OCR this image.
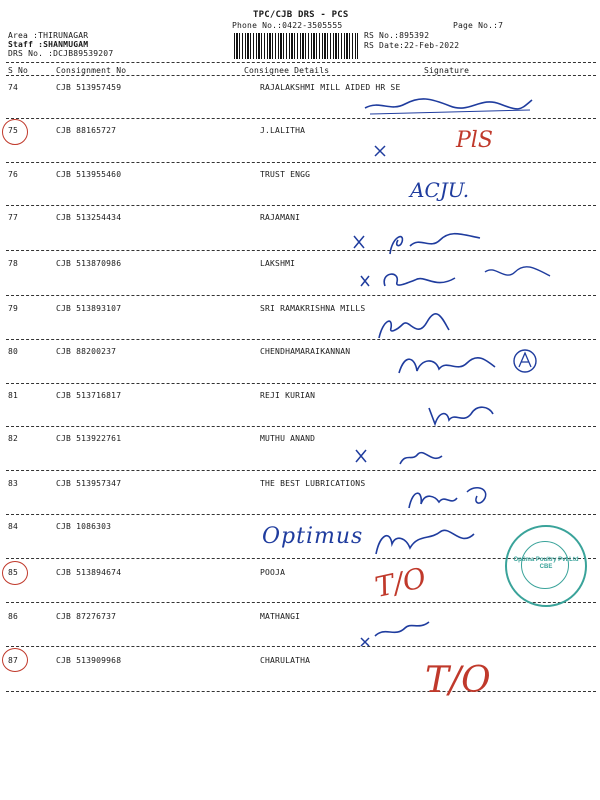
TPC/CJB DRS - PCS
Phone No.:0422-3505555	Page No.:7
Area :THIRUNAGAR
Staff :SHANMUGAM
DRS No. :DCJB89539207
RS No.:895392
RS Date:22-Feb-2022
S No	Consignment No	Consignee Details	Signature
74	CJB 513957459	RAJALAKSHMI MILL AIDED HR SE
75	CJB 88165727	J.LALITHA
76	CJB 513955460	TRUST ENGG
77	CJB 513254434	RAJAMANI
78	CJB 513870986	LAKSHMI
79	CJB 513893107	SRI RAMAKRISHNA MILLS
80	CJB 88200237	CHENDHAMARAIKANNAN
81	CJB 513716817	REJI KURIAN
82	CJB 513922761	MUTHU ANAND
83	CJB 513957347	THE BEST LUBRICATIONS
84	CJB 1086303
85	CJB 513894674	POOJA
86	CJB 87276737	MATHANGI
87	CJB 513909968	CHARULATHA
PlS
ACJU.
Optimus
Optima Poultry Pvt Ltd CBE
T/O
T/O
